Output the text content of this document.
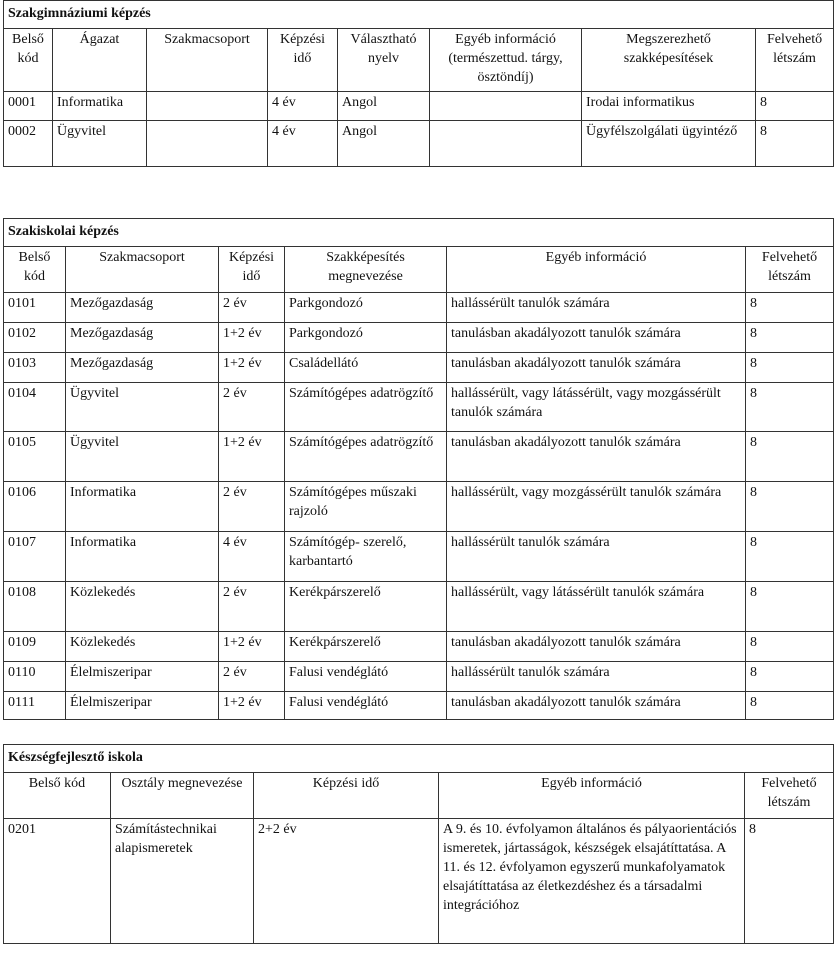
Szakgimnáziumi képzés							
Belső kód	Ágazat	Szakmacsoport	Képzési idő	Választható nyelv	Egyéb információ (természettud. tárgy, ösztöndíj)	Megszerezhető szakképesítések	Felvehető létszám
0001	Informatika		4 év	Angol		Irodai informatikus	8
0002	Ügyvitel		4 év	Angol		Ügyfélszolgálati ügyintéző	8
Szakiskolai képzés					
Belső kód	Szakmacsoport	Képzési idő	Szakképesítés megnevezése	Egyéb információ	Felvehető létszám
0101	Mezőgazdaság	2 év	Parkgondozó	hallássérült tanulók számára	8
0102	Mezőgazdaság	1+2 év	Parkgondozó	tanulásban akadályozott tanulók számára	8
0103	Mezőgazdaság	1+2 év	Családellátó	tanulásban akadályozott tanulók számára	8
0104	Ügyvitel	2 év	Számítógépes adatrögzítő	hallássérült, vagy látássérült, vagy mozgássérült tanulók számára	8
0105	Ügyvitel	1+2 év	Számítógépes adatrögzítő	tanulásban akadályozott tanulók számára	8
0106	Informatika	2 év	Számítógépes műszaki rajzoló	hallássérült, vagy mozgássérült tanulók számára	8
0107	Informatika	4 év	Számítógép- szerelő, karbantartó	hallássérült tanulók számára	8
0108	Közlekedés	2 év	Kerékpárszerelő	hallássérült, vagy látássérült tanulók számára	8
0109	Közlekedés	1+2 év	Kerékpárszerelő	tanulásban akadályozott tanulók számára	8
0110	Élelmiszeripar	2 év	Falusi vendéglátó	hallássérült tanulók számára	8
0111	Élelmiszeripar	1+2 év	Falusi vendéglátó	tanulásban akadályozott tanulók számára	8
Készségfejlesztő iskola				
Belső kód	Osztály megnevezése	Képzési idő	Egyéb információ	Felvehető létszám
0201	Számítástechnikai alapismeretek	2+2 év	A 9. és 10. évfolyamon általános és pályaorientációs ismeretek, jártasságok, készségek elsajátíttatása. A 11. és 12. évfolyamon egyszerű munkafolyamatok elsajátíttatása az életkezdéshez és a társadalmi integrációhoz	8
